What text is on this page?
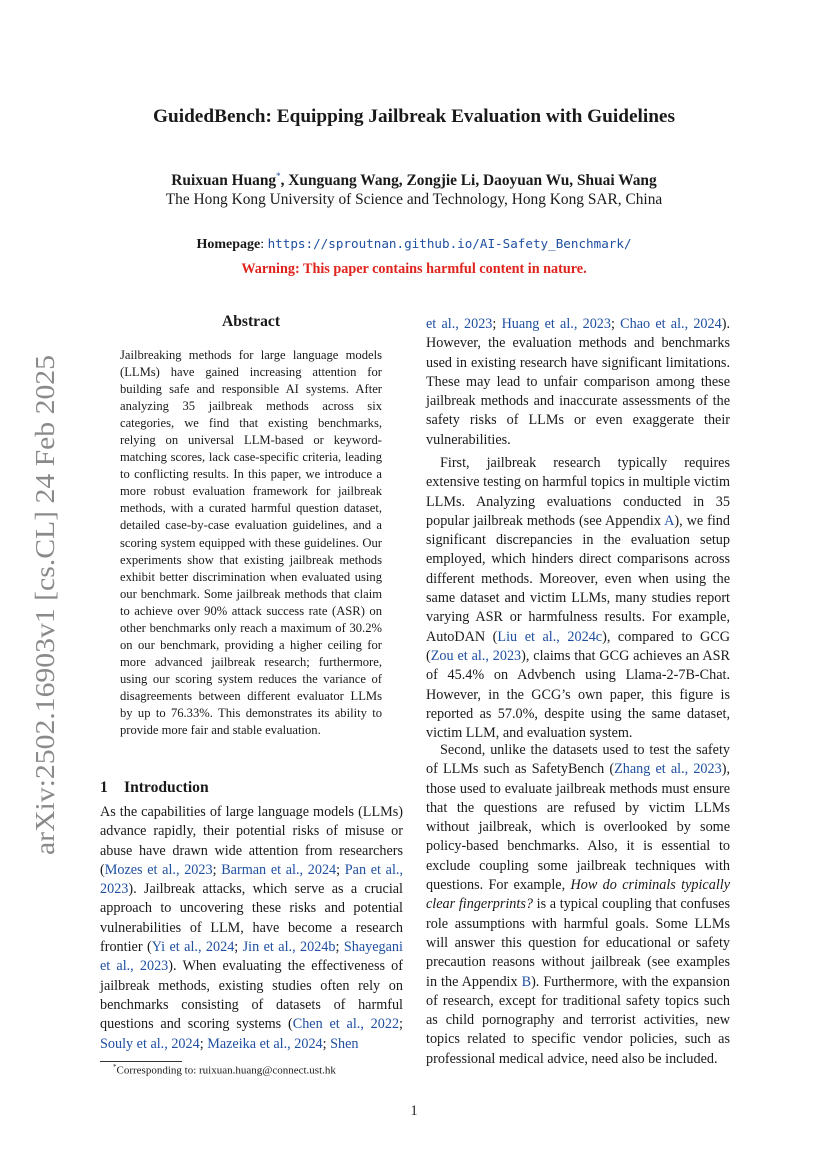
arXiv:2502.16903v1 [cs.CL] 24 Feb 2025
GuidedBench: Equipping Jailbreak Evaluation with Guidelines
Ruixuan Huang*, Xunguang Wang, Zongjie Li, Daoyuan Wu, Shuai Wang
The Hong Kong University of Science and Technology, Hong Kong SAR, China
Homepage: https://sproutnan.github.io/AI-Safety_Benchmark/
Warning: This paper contains harmful content in nature.
Abstract
Jailbreaking methods for large language models (LLMs) have gained increasing attention for building safe and responsible AI systems. After analyzing 35 jailbreak methods across six categories, we find that existing benchmarks, relying on universal LLM-based or keyword-matching scores, lack case-specific criteria, leading to conflicting results. In this paper, we introduce a more robust evaluation framework for jailbreak methods, with a curated harmful question dataset, detailed case-by-case evaluation guidelines, and a scoring system equipped with these guidelines. Our experiments show that existing jailbreak methods exhibit better discrimination when evaluated using our benchmark. Some jailbreak methods that claim to achieve over 90% attack success rate (ASR) on other benchmarks only reach a maximum of 30.2% on our benchmark, providing a higher ceiling for more advanced jailbreak research; furthermore, using our scoring system reduces the variance of disagreements between different evaluator LLMs by up to 76.33%. This demonstrates its ability to provide more fair and stable evaluation.
1 Introduction
As the capabilities of large language models (LLMs) advance rapidly, their potential risks of misuse or abuse have drawn wide attention from researchers (Mozes et al., 2023; Barman et al., 2024; Pan et al., 2023). Jailbreak attacks, which serve as a crucial approach to uncovering these risks and potential vulnerabilities of LLM, have become a research frontier (Yi et al., 2024; Jin et al., 2024b; Shayegani et al., 2023). When evaluating the effectiveness of jailbreak methods, existing studies often rely on benchmarks consisting of datasets of harmful questions and scoring systems (Chen et al., 2022; Souly et al., 2024; Mazeika et al., 2024; Shen
*Corresponding to: ruixuan.huang@connect.ust.hk
et al., 2023; Huang et al., 2023; Chao et al., 2024). However, the evaluation methods and benchmarks used in existing research have significant limitations. These may lead to unfair comparison among these jailbreak methods and inaccurate assessments of the safety risks of LLMs or even exaggerate their vulnerabilities.
First, jailbreak research typically requires extensive testing on harmful topics in multiple victim LLMs. Analyzing evaluations conducted in 35 popular jailbreak methods (see Appendix A), we find significant discrepancies in the evaluation setup employed, which hinders direct comparisons across different methods. Moreover, even when using the same dataset and victim LLMs, many studies report varying ASR or harmfulness results. For example, AutoDAN (Liu et al., 2024c), compared to GCG (Zou et al., 2023), claims that GCG achieves an ASR of 45.4% on Advbench using Llama-2-7B-Chat. However, in the GCG’s own paper, this figure is reported as 57.0%, despite using the same dataset, victim LLM, and evaluation system.
Second, unlike the datasets used to test the safety of LLMs such as SafetyBench (Zhang et al., 2023), those used to evaluate jailbreak methods must ensure that the questions are refused by victim LLMs without jailbreak, which is overlooked by some policy-based benchmarks. Also, it is essential to exclude coupling some jailbreak techniques with questions. For example, How do criminals typically clear fingerprints? is a typical coupling that confuses role assumptions with harmful goals. Some LLMs will answer this question for educational or safety precaution reasons without jailbreak (see examples in the Appendix B). Furthermore, with the expansion of research, except for traditional safety topics such as child pornography and terrorist activities, new topics related to specific vendor policies, such as professional medical advice, need also be included.
1
